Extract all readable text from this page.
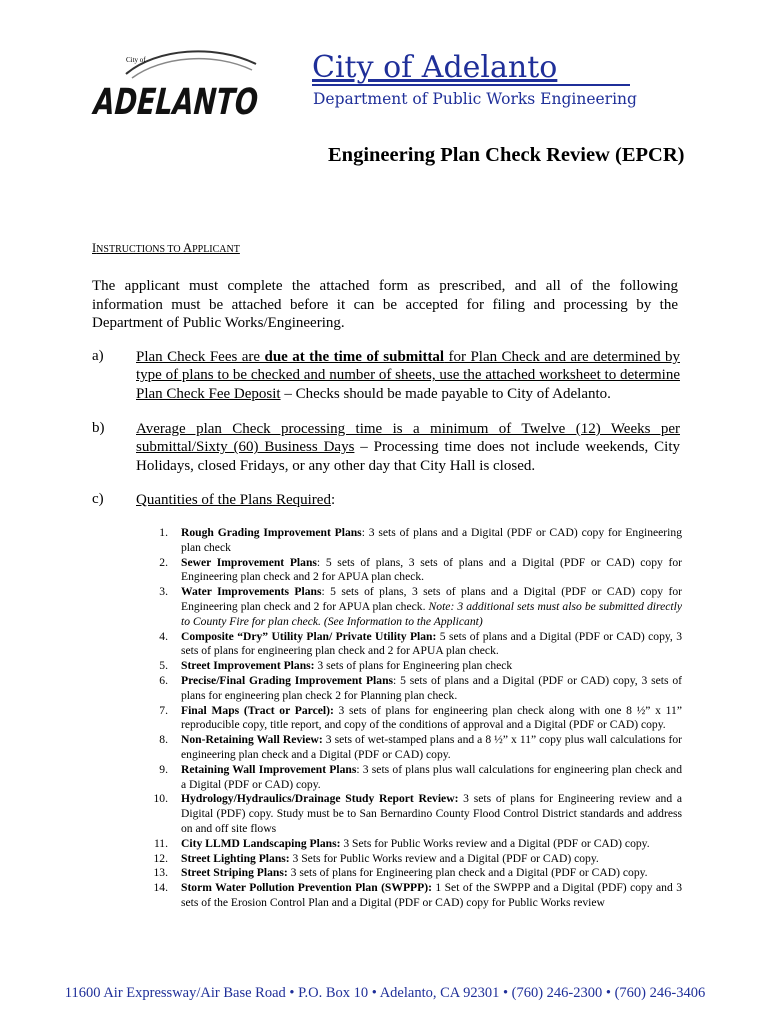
City of
ADELANTO
City of Adelanto
Department of Public Works Engineering
Engineering Plan Check Review (EPCR)
INSTRUCTIONS TO APPLICANT
The applicant must complete the attached form as prescribed, and all of the following information must be attached before it can be accepted for filing and processing by the Department of Public Works/Engineering.
a) Plan Check Fees are due at the time of submittal for Plan Check and are determined by type of plans to be checked and number of sheets, use the attached worksheet to determine Plan Check Fee Deposit – Checks should be made payable to City of Adelanto.
b) Average plan Check processing time is a minimum of Twelve (12) Weeks per submittal/Sixty (60) Business Days – Processing time does not include weekends, City Holidays, closed Fridays, or any other day that City Hall is closed.
c) Quantities of the Plans Required:
1. Rough Grading Improvement Plans: 3 sets of plans and a Digital (PDF or CAD) copy for Engineering plan check
2. Sewer Improvement Plans: 5 sets of plans, 3 sets of plans and a Digital (PDF or CAD) copy for Engineering plan check and 2 for APUA plan check.
3. Water Improvements Plans: 5 sets of plans, 3 sets of plans and a Digital (PDF or CAD) copy for Engineering plan check and 2 for APUA plan check. Note: 3 additional sets must also be submitted directly to County Fire for plan check. (See Information to the Applicant)
4. Composite “Dry” Utility Plan/ Private Utility Plan: 5 sets of plans and a Digital (PDF or CAD) copy, 3 sets of plans for engineering plan check and 2 for APUA plan check.
5. Street Improvement Plans: 3 sets of plans for Engineering plan check
6. Precise/Final Grading Improvement Plans: 5 sets of plans and a Digital (PDF or CAD) copy, 3 sets of plans for engineering plan check 2 for Planning plan check.
7. Final Maps (Tract or Parcel): 3 sets of plans for engineering plan check along with one 8 ½” x 11” reproducible copy, title report, and copy of the conditions of approval and a Digital (PDF or CAD) copy.
8. Non-Retaining Wall Review: 3 sets of wet-stamped plans and a 8 ½” x 11” copy plus wall calculations for engineering plan check and a Digital (PDF or CAD) copy.
9. Retaining Wall Improvement Plans: 3 sets of plans plus wall calculations for engineering plan check and a Digital (PDF or CAD) copy.
10. Hydrology/Hydraulics/Drainage Study Report Review: 3 sets of plans for Engineering review and a Digital (PDF) copy. Study must be to San Bernardino County Flood Control District standards and address on and off site flows
11. City LLMD Landscaping Plans: 3 Sets for Public Works review and a Digital (PDF or CAD) copy.
12. Street Lighting Plans: 3 Sets for Public Works review and a Digital (PDF or CAD) copy.
13. Street Striping Plans: 3 sets of plans for Engineering plan check and a Digital (PDF or CAD) copy.
14. Storm Water Pollution Prevention Plan (SWPPP): 1 Set of the SWPPP and a Digital (PDF) copy and 3 sets of the Erosion Control Plan and a Digital (PDF or CAD) copy for Public Works review
11600 Air Expressway/Air Base Road • P.O. Box 10 • Adelanto, CA 92301 • (760) 246-2300 • (760) 246-3406
